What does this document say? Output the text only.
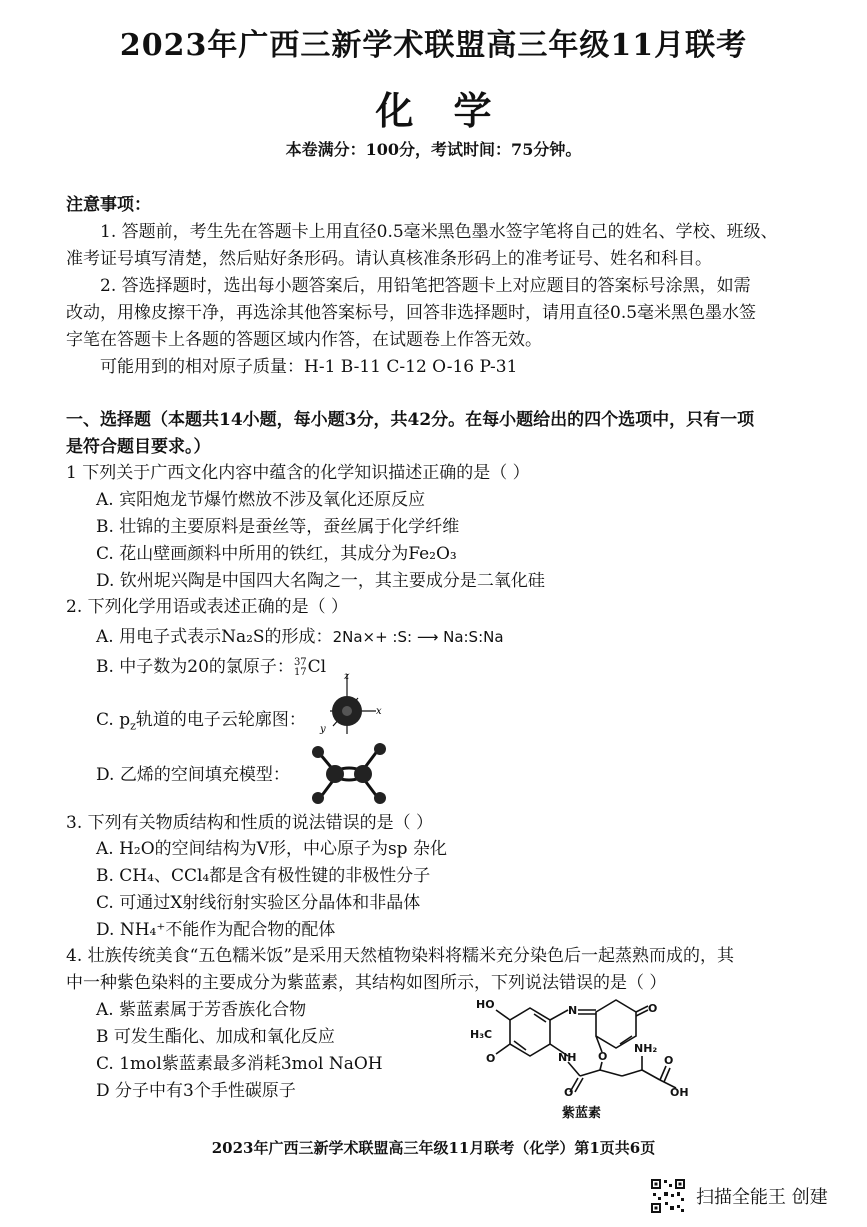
2023年广西三新学术联盟高三年级11月联考
化学
本卷满分：100分，考试时间：75分钟。
注意事项：
1. 答题前，考生先在答题卡上用直径0.5毫米黑色墨水签字笔将自己的姓名、学校、班级、
准考证号填写清楚，然后贴好条形码。请认真核准条形码上的准考证号、姓名和科目。
2. 答选择题时，选出每小题答案后，用铅笔把答题卡上对应题目的答案标号涂黑，如需
改动，用橡皮擦干净，再选涂其他答案标号，回答非选择题时，请用直径0.5毫米黑色墨水签
字笔在答题卡上各题的答题区域内作答，在试题卷上作答无效。
可能用到的相对原子质量：H-1 B-11 C-12 O-16 P-31
一、选择题（本题共14小题，每小题3分，共42分。在每小题给出的四个选项中，只有一项
是符合题目要求。）
1 下列关于广西文化内容中蕴含的化学知识描述正确的是（ ）
A. 宾阳炮龙节爆竹燃放不涉及氧化还原反应
B. 壮锦的主要原料是蚕丝等，蚕丝属于化学纤维
C. 花山壁画颜料中所用的铁红，其成分为Fe₂O₃
D. 钦州坭兴陶是中国四大名陶之一，其主要成分是二氧化硅
2. 下列化学用语或表述正确的是（ ）
A. 用电子式表示Na₂S的形成：2Na×+ :S: ⟶ Na:S:Na
B. 中子数为20的氯原子：37
17Cl
C. $p_z$轨道的电子云轮廓图：
z
x
y
D. 乙烯的空间填充模型：
3. 下列有关物质结构和性质的说法错误的是（ ）
A. H₂O的空间结构为V形，中心原子为sp 杂化
B. CH₄、CCl₄都是含有极性键的非极性分子
C. 可通过X射线衍射实验区分晶体和非晶体
D. NH₄⁺不能作为配合物的配体
4. 壮族传统美食“五色糯米饭”是采用天然植物染料将糯米充分染色后一起蒸熟而成的，其
中一种紫色染料的主要成分为紫蓝素，其结构如图所示，下列说法错误的是（ ）
A. 紫蓝素属于芳香族化合物
B 可发生酯化、加成和氧化反应
C. 1mol紫蓝素最多消耗3mol NaOH
D 分子中有3个手性碳原子
HO
O
H₃C
N	O
NH
O
O
NH₂
O
OH
紫蓝素
2023年广西三新学术联盟高三年级11月联考（化学）第1页共6页
扫描全能王 创建
